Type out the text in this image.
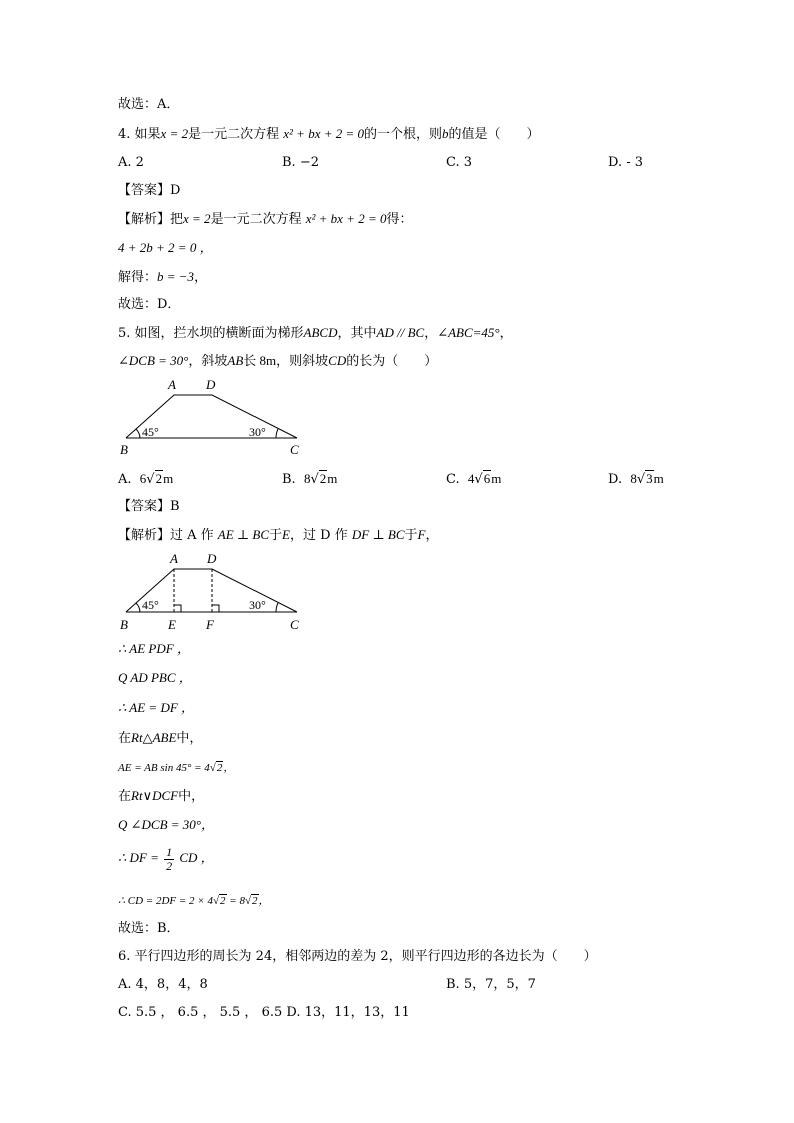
故选：A．
4. 如果x = 2是一元二次方程 x² + bx + 2 = 0的一个根，则b的值是（　　）
A. 2	B. −2	C. 3	D. - 3
【答案】D
【解析】把x = 2是一元二次方程 x² + bx + 2 = 0得：
4 + 2b + 2 = 0 ，
解得：b = −3，
故选：D．
5. 如图，拦水坝的横断面为梯形ABCD，其中AD // BC，∠ABC=45°，
∠DCB = 30°，斜坡AB长 8m，则斜坡CD的长为（　　）
A D
B	C
45°	30°
A. 6√2m	B. 8√2m	C. 4√6m	D. 8√3m
【答案】B
【解析】过 A 作 AE ⊥ BC于E，过 D 作 DF ⊥ BC于F，
A D
B	E F	C
45°	30°
∴ AE PDF ，
Q AD PBC ，
∴ AE = DF ，
在Rt△ABE中，
AE = AB sin 45° = 4√2，
在Rt∨DCF中，
Q ∠DCB = 30°，
∴ DF = $\frac{1}{2}$ CD ，
∴ CD = 2DF = 2 × 4√2 = 8√2，
故选：B．
6. 平行四边形的周长为 24，相邻两边的差为 2，则平行四边形的各边长为（　　）
A. 4，8，4，8	B. 5，7，5，7
C. 5.5 ， 6.5 ， 5.5 ， 6.5 D. 13，11，13，11
